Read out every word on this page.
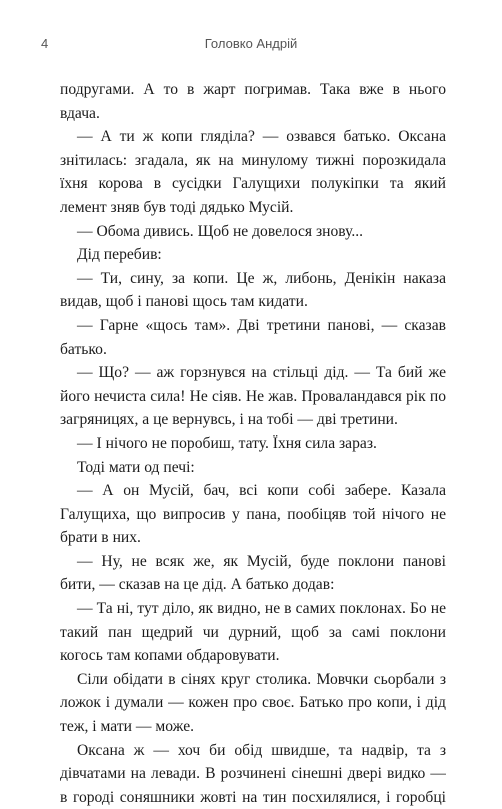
4	Головко Андрій
подругами. А то в жарт погримав. Така вже в нього
вдача.
— А ти ж копи гляділа? — озвався батько. Оксана
знітилась: згадала, як на минулому тижні порозкидала
їхня корова в сусідки Галущихи полукіпки та який
лемент зняв був тоді дядько Мусій.
— Обома дивись. Щоб не довелося знову...
Дід перебив:
— Ти, сину, за копи. Це ж, либонь, Денікін наказа
видав, щоб і панові щось там кидати.
— Гарне «щось там». Дві третини панові, — сказав
батько.
— Що? — аж горзнувся на стільці дід. — Та бий же
його нечиста сила! Не сіяв. Не жав. Проваландався рік по
загряницях, а це вернувсь, і на тобі — дві третини.
— І нічого не поробиш, тату. Їхня сила зараз.
Тоді мати од печі:
— А он Мусій, бач, всі копи собі забере. Казала
Галущиха, що випросив у пана, пообіцяв той нічого не
брати в них.
— Ну, не всяк же, як Мусій, буде поклони панові
бити, — сказав на це дід. А батько додав:
— Та ні, тут діло, як видно, не в самих поклонах. Бо не
такий пан щедрий чи дурний, щоб за самі поклони
когось там копами обдаровувати.
Сіли обідати в сінях круг столика. Мовчки сьорбали з
ложок і думали — кожен про своє. Батько про копи, і дід
теж, і мати — може.
Оксана ж — хоч би обід швидше, та надвір, та з
дівчатами на левади. В розчинені сінешні двері видко —
в городі соняшники жовті на тин посхилялися, і горобці
